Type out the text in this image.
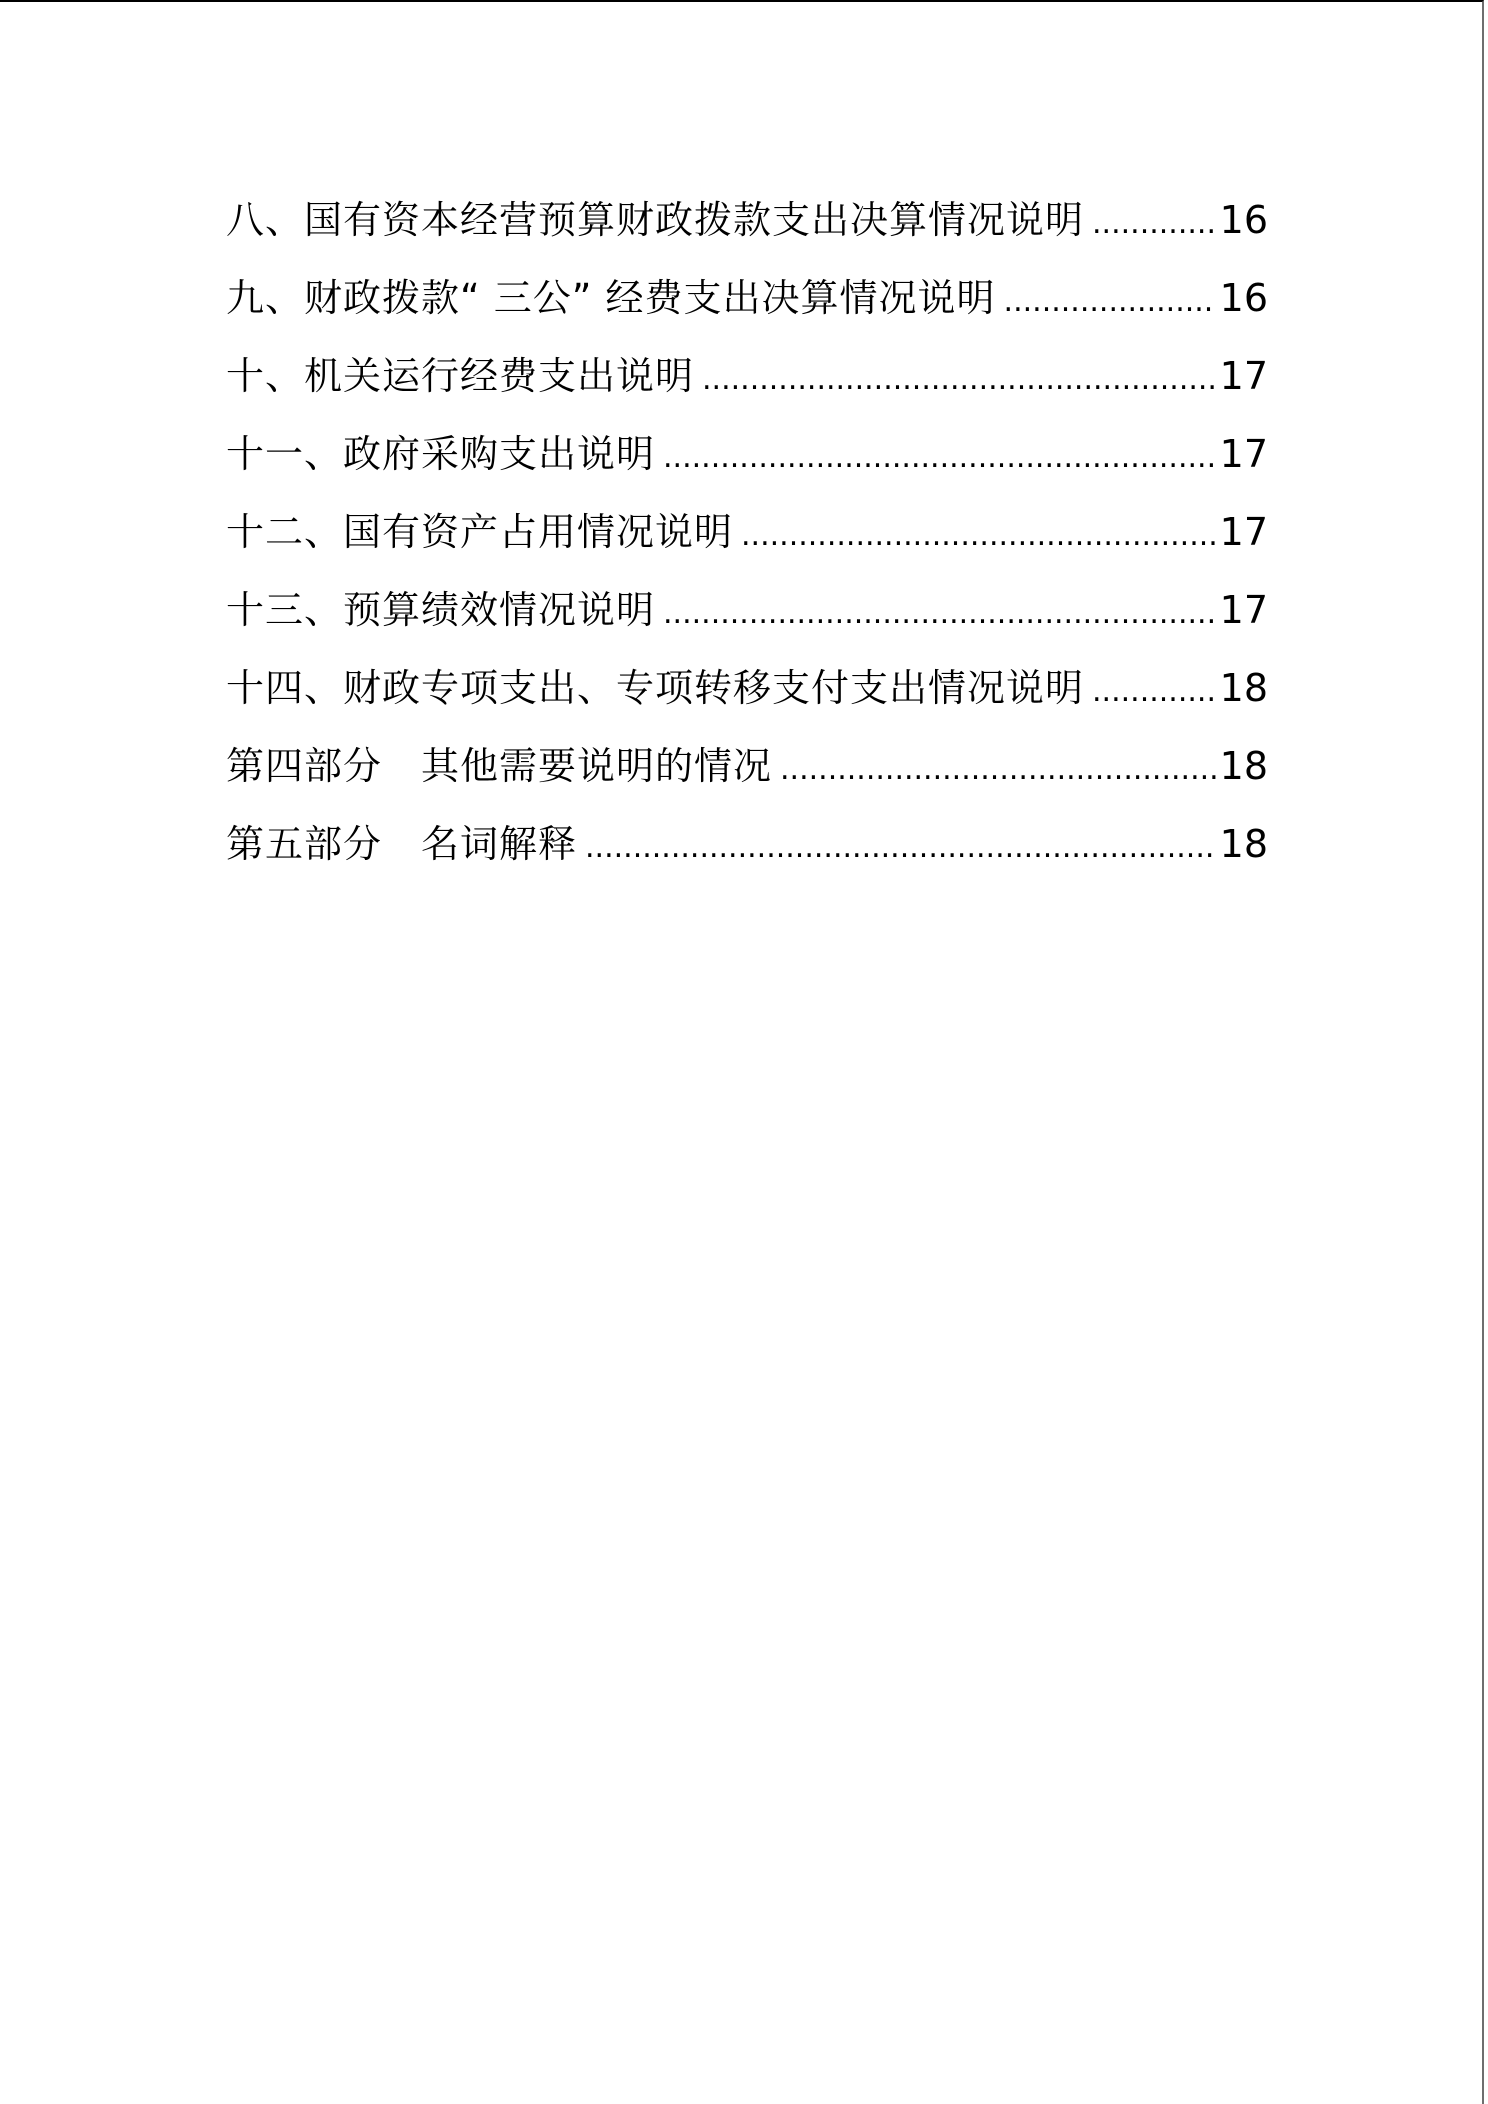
八、国有资本经营预算财政拨款支出决算情况说明 .....	16
九、财政拨款“ 三公” 经费支出决算情况说明 .....	16
十、机关运行经费支出说明 .....	17
十一、政府采购支出说明 .....	17
十二、国有资产占用情况说明 .....	17
十三、预算绩效情况说明 .....	17
十四、财政专项支出、专项转移支付支出情况说明 .....	18
第四部分　其他需要说明的情况 .....	18
第五部分　名词解释 .....	18
